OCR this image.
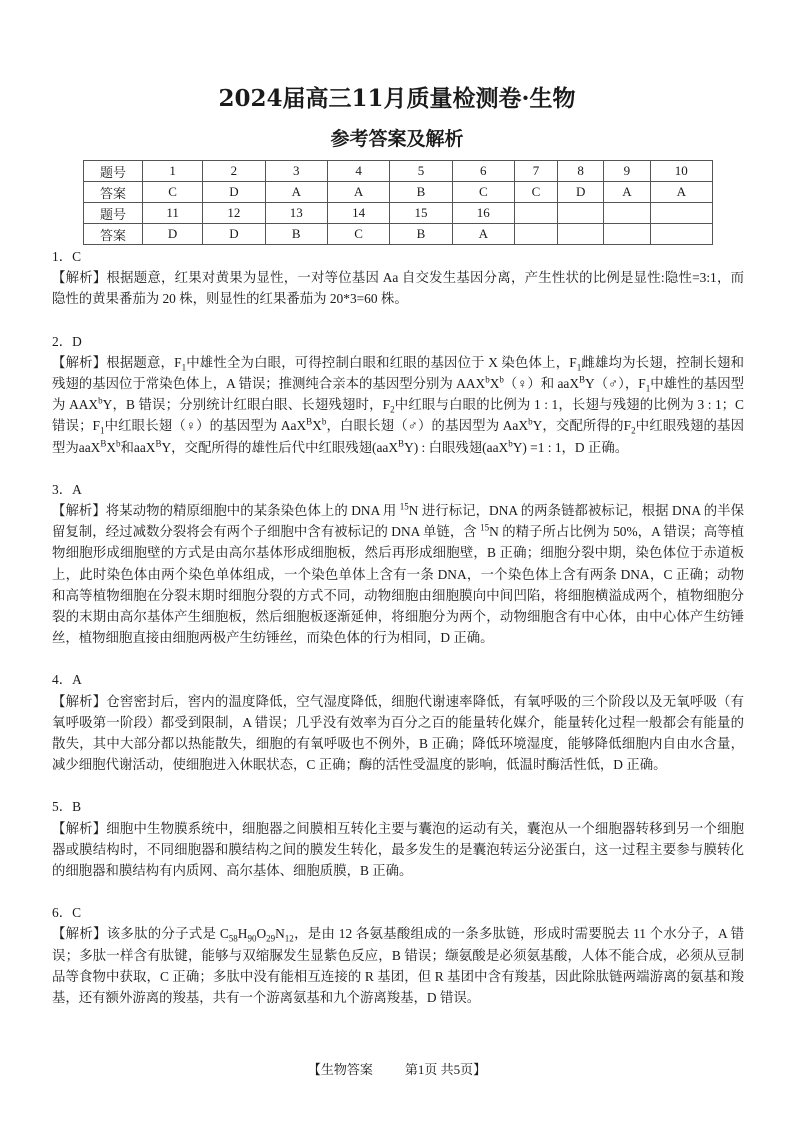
2024届高三11月质量检测卷·生物
参考答案及解析
题号	1	2	3	4	5	6	7	8	9	10
答案	C	D	A	A	B	C	C	D	A	A
题号	11	12	13	14	15	16				
答案	D	D	B	C	B	A				
1．C
【解析】根据题意，红果对黄果为显性，一对等位基因 Aa 自交发生基因分离，产生性状的比例是显性:隐性=3:1，而隐性的黄果番茄为 20 株，则显性的红果番茄为 20*3=60 株。
2．D
【解析】根据题意，$F_1$中雄性全为白眼，可得控制白眼和红眼的基因位于 X 染色体上，$F_1$雌雄均为长翅，控制长翅和残翅的基因位于常染色体上，A 错误；推测纯合亲本的基因型分别为 $AAX^bX^b(♀)$和 aaX$^B$Y（♂），$F_1$中雄性的基因型为 AAX$^b$Y，B 错误；分别统计红眼白眼、长翅残翅时，$F_2$中红眼与白眼的比例为 1 : 1，长翅与残翅的比例为 3 : 1；C 错误；$F_1$中红眼长翅（♀）的基因型为 $AaX^BX^b$，白眼长翅（♂）的基因型为 AaX$^b$Y，交配所得的$F_2$中红眼残翅的基因型为$aaX^BX^b$和aaX$^B$Y，交配所得的雄性后代中红眼残翅(aaX$^B$Y) : 白眼残翅(aaX$^b$Y) =1 : 1，D 正确。
3．A
【解析】将某动物的精原细胞中的某条染色体上的 DNA 用 $^{15}$N 进行标记，DNA 的两条链都被标记，根据 DNA 的半保留复制，经过减数分裂将会有两个子细胞中含有被标记的 DNA 单链，含 $^{15}$N 的精子所占比例为 50%，A 错误；高等植物细胞形成细胞壁的方式是由高尔基体形成细胞板，然后再形成细胞壁，B 正确；细胞分裂中期，染色体位于赤道板上，此时染色体由两个染色单体组成，一个染色单体上含有一条 DNA，一个染色体上含有两条 DNA，C 正确；动物和高等植物细胞在分裂末期时细胞分裂的方式不同，动物细胞由细胞膜向中间凹陷，将细胞横溢成两个，植物细胞分裂的末期由高尔基体产生细胞板，然后细胞板逐渐延伸，将细胞分为两个，动物细胞含有中心体，由中心体产生纺锤丝，植物细胞直接由细胞两极产生纺锤丝，而染色体的行为相同，D 正确。
4．A
【解析】仓窖密封后，窖内的温度降低，空气湿度降低，细胞代谢速率降低，有氧呼吸的三个阶段以及无氧呼吸（有氧呼吸第一阶段）都受到限制，A 错误；几乎没有效率为百分之百的能量转化媒介，能量转化过程一般都会有能量的散失，其中大部分都以热能散失，细胞的有氧呼吸也不例外，B 正确；降低环境湿度，能够降低细胞内自由水含量，减少细胞代谢活动，使细胞进入休眠状态，C 正确；酶的活性受温度的影响，低温时酶活性低，D 正确。
5．B
【解析】细胞中生物膜系统中，细胞器之间膜相互转化主要与囊泡的运动有关，囊泡从一个细胞器转移到另一个细胞器或膜结构时，不同细胞器和膜结构之间的膜发生转化，最多发生的是囊泡转运分泌蛋白，这一过程主要参与膜转化的细胞器和膜结构有内质网、高尔基体、细胞质膜，B 正确。
6．C
【解析】该多肽的分子式是 $C_{58}H_{90}O_{29}N_{12}$，是由 12 各氨基酸组成的一条多肽链，形成时需要脱去 11 个水分子，A 错误；多肽一样含有肽键，能够与双缩脲发生显紫色反应，B 错误；缬氨酸是必须氨基酸，人体不能合成，必须从豆制品等食物中获取，C 正确；多肽中没有能相互连接的 R 基团，但 R 基团中含有羧基，因此除肽链两端游离的氨基和羧基，还有额外游离的羧基，共有一个游离氨基和九个游离羧基，D 错误。
【生物答案 第1页 共5页】
